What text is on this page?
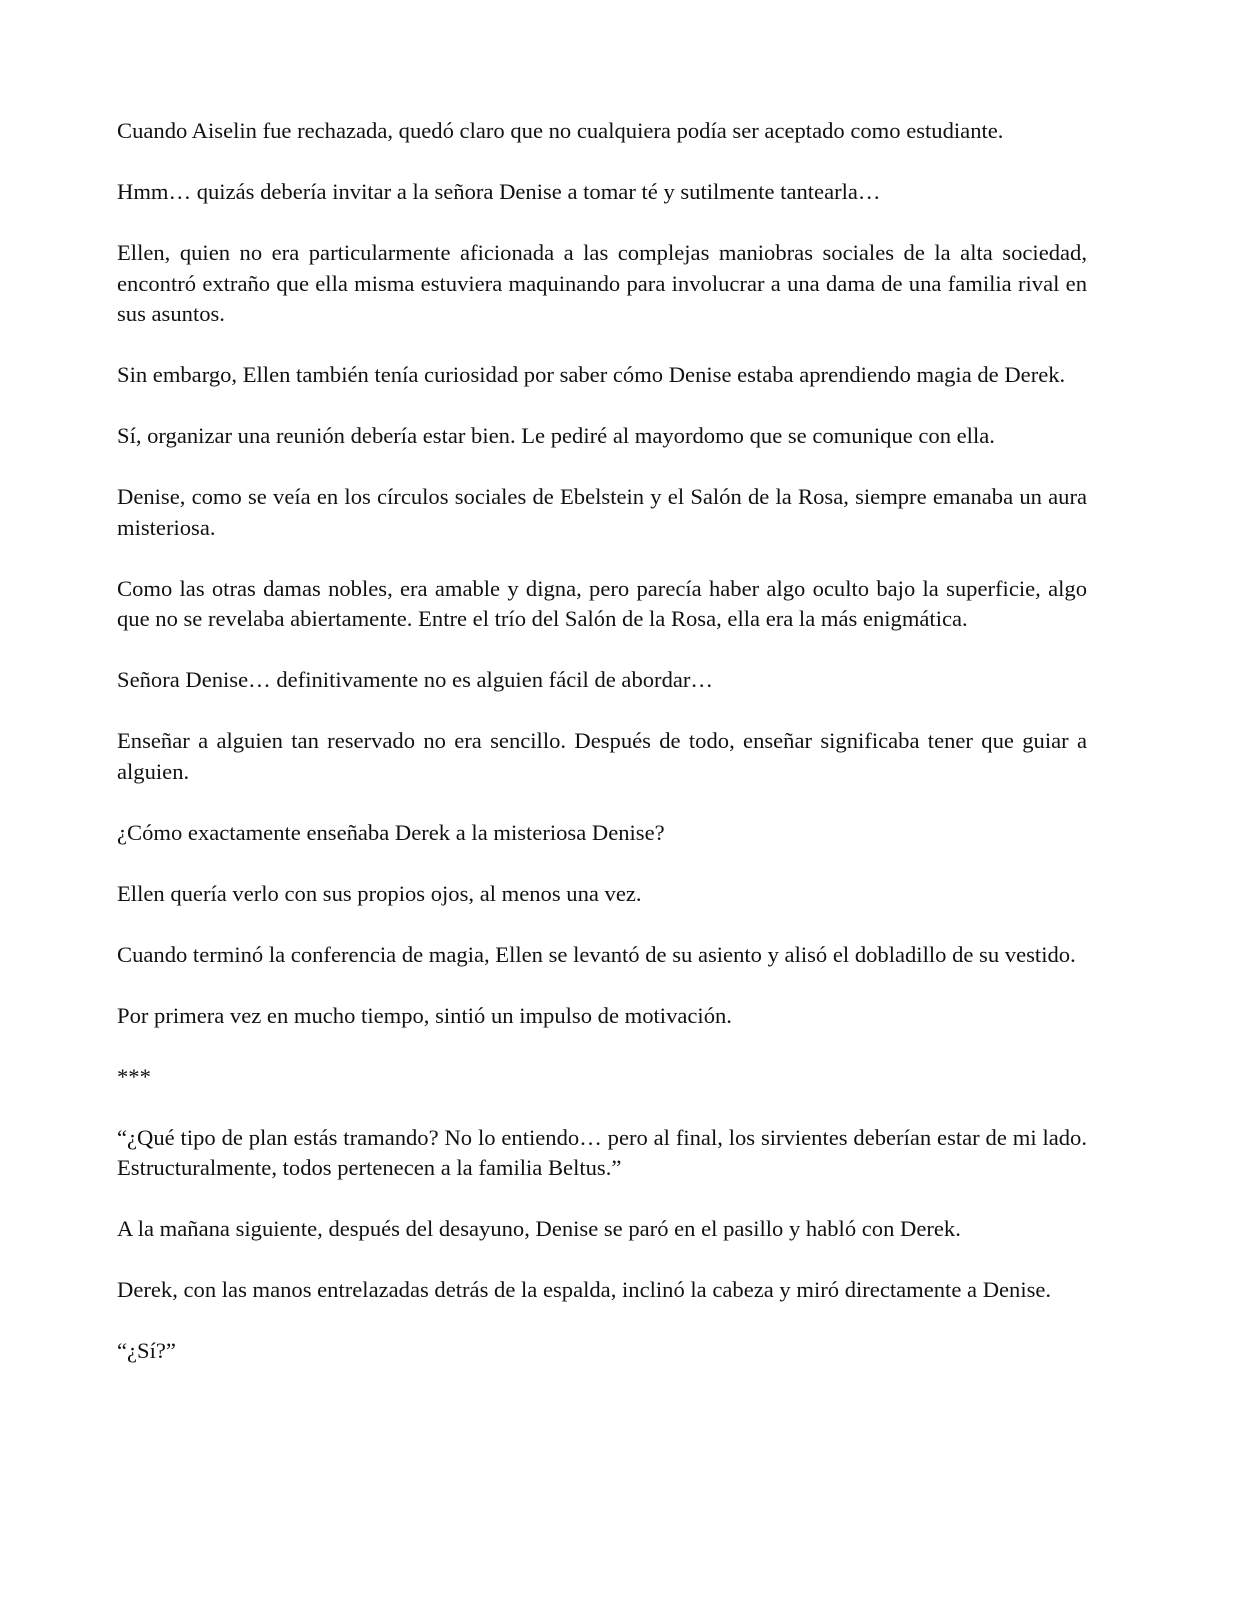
Cuando Aiselin fue rechazada, quedó claro que no cualquiera podía ser aceptado como estudiante.

Hmm… quizás debería invitar a la señora Denise a tomar té y sutilmente tantearla…

Ellen, quien no era particularmente aficionada a las complejas maniobras sociales de la alta sociedad, encontró extraño que ella misma estuviera maquinando para involucrar a una dama de una familia rival en sus asuntos.

Sin embargo, Ellen también tenía curiosidad por saber cómo Denise estaba aprendiendo magia de Derek.

Sí, organizar una reunión debería estar bien. Le pediré al mayordomo que se comunique con ella.

Denise, como se veía en los círculos sociales de Ebelstein y el Salón de la Rosa, siempre emanaba un aura misteriosa.

Como las otras damas nobles, era amable y digna, pero parecía haber algo oculto bajo la superficie, algo que no se revelaba abiertamente. Entre el trío del Salón de la Rosa, ella era la más enigmática.

Señora Denise… definitivamente no es alguien fácil de abordar…

Enseñar a alguien tan reservado no era sencillo. Después de todo, enseñar significaba tener que guiar a alguien.

¿Cómo exactamente enseñaba Derek a la misteriosa Denise?

Ellen quería verlo con sus propios ojos, al menos una vez.

Cuando terminó la conferencia de magia, Ellen se levantó de su asiento y alisó el dobladillo de su vestido.

Por primera vez en mucho tiempo, sintió un impulso de motivación.

***

“¿Qué tipo de plan estás tramando? No lo entiendo… pero al final, los sirvientes deberían estar de mi lado. Estructuralmente, todos pertenecen a la familia Beltus.”

A la mañana siguiente, después del desayuno, Denise se paró en el pasillo y habló con Derek.

Derek, con las manos entrelazadas detrás de la espalda, inclinó la cabeza y miró directamente a Denise.

“¿Sí?”
